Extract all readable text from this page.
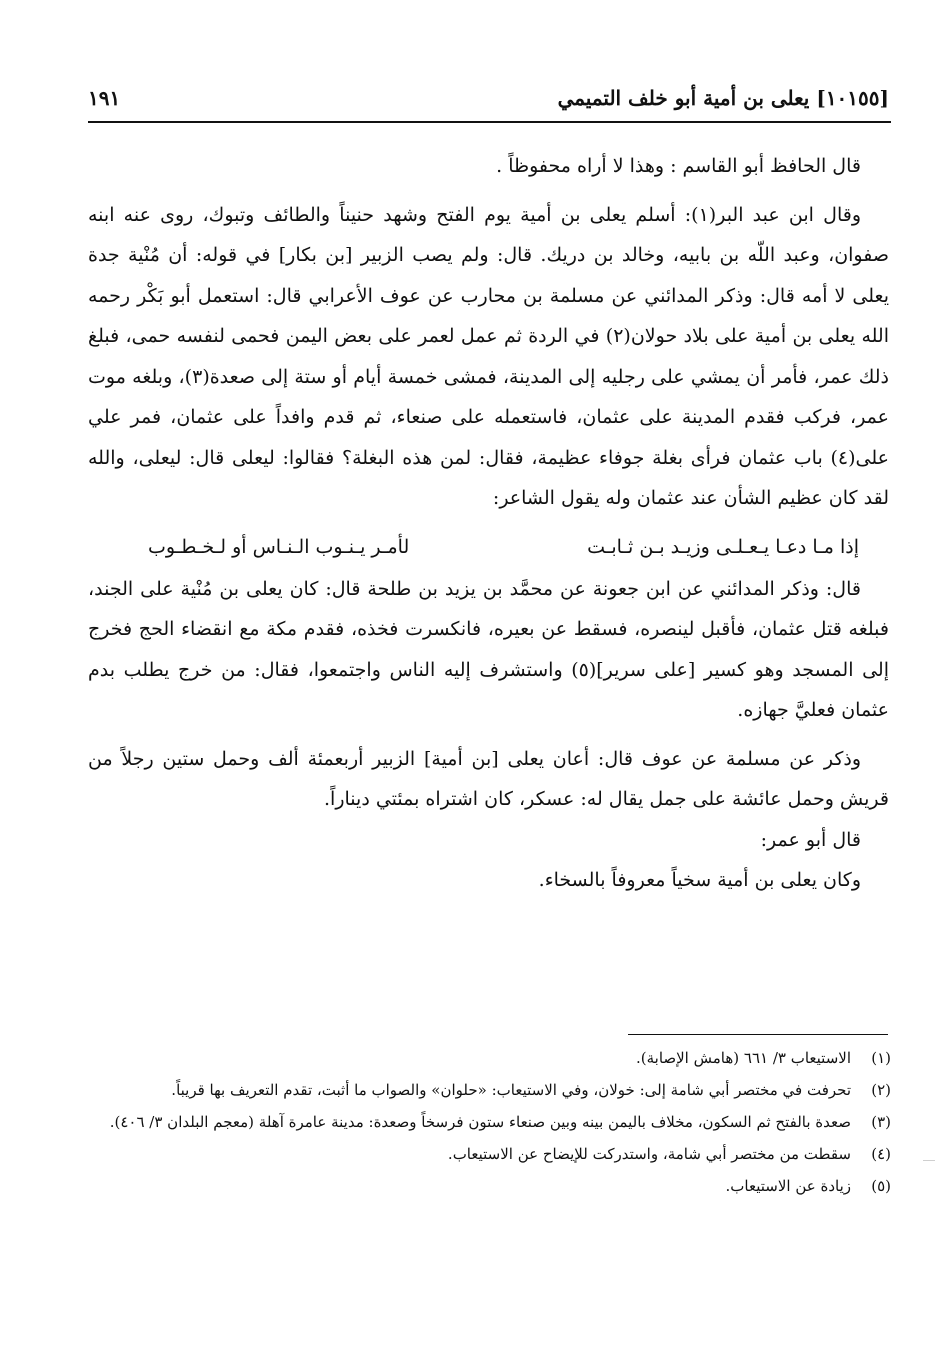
[١٠١٥٥] يعلى بن أمية أبو خلف التميمي
١٩١

قال الحافظ أبو القاسم : وهذا لا أراه محفوظاً .

وقال ابن عبد البر(١): أسلم يعلى بن أمية يوم الفتح وشهد حنيناً والطائف وتبوك، روى عنه ابنه صفوان، وعبد اللّه بن بابيه، وخالد بن دريك. قال: ولم يصب الزبير [بن بكار] في قوله: أن مُنْية جدة يعلى لا أمه قال: وذكر المدائني عن مسلمة بن محارب عن عوف الأعرابي قال: استعمل أبو بَكْر رحمه الله يعلى بن أمية على بلاد حولان(٢) في الردة ثم عمل لعمر على بعض اليمن فحمى لنفسه حمى، فبلغ ذلك عمر، فأمر أن يمشي على رجليه إلى المدينة، فمشى خمسة أيام أو ستة إلى صعدة(٣)، وبلغه موت عمر، فركب فقدم المدينة على عثمان، فاستعمله على صنعاء، ثم قدم وافداً على عثمان، فمر علي على(٤) باب عثمان فرأى بغلة جوفاء عظيمة، فقال: لمن هذه البغلة؟ فقالوا: ليعلى قال: ليعلى، والله لقد كان عظيم الشأن عند عثمان وله يقول الشاعر:

إذا مـا دعـا يـعـلـى وزيـد بـن ثـابـت
لأمـر يـنـوب الـنـاس أو لـخـطـوب

قال: وذكر المدائني عن ابن جعونة عن محمَّد بن يزيد بن طلحة قال: كان يعلى بن مُنْية على الجند، فبلغه قتل عثمان، فأقبل لينصره، فسقط عن بعيره، فانكسرت فخذه، فقدم مكة مع انقضاء الحج فخرج إلى المسجد وهو كسير [على سرير](٥) واستشرف إليه الناس واجتمعوا، فقال: من خرج يطلب بدم عثمان فعليَّ جهازه.

وذكر عن مسلمة عن عوف قال: أعان يعلى [بن أمية] الزبير أربعمئة ألف وحمل ستين رجلاً من قريش وحمل عائشة على جمل يقال له: عسكر، كان اشتراه بمئتي ديناراً.

قال أبو عمر:

وكان يعلى بن أمية سخياً معروفاً بالسخاء.

(١)
الاستيعاب ٣/ ٦٦١ (هامش الإصابة).
(٢)
تحرفت في مختصر أبي شامة إلى: خولان، وفي الاستيعاب: «حلوان» والصواب ما أثبت، تقدم التعريف بها قريباً.
(٣)
صعدة بالفتح ثم السكون، مخلاف باليمن بينه وبين صنعاء ستون فرسخاً وصعدة: مدينة عامرة آهلة (معجم البلدان ٣/ ٤٠٦).
(٤)
سقطت من مختصر أبي شامة، واستدركت للإيضاح عن الاستيعاب.
(٥)
زيادة عن الاستيعاب.
